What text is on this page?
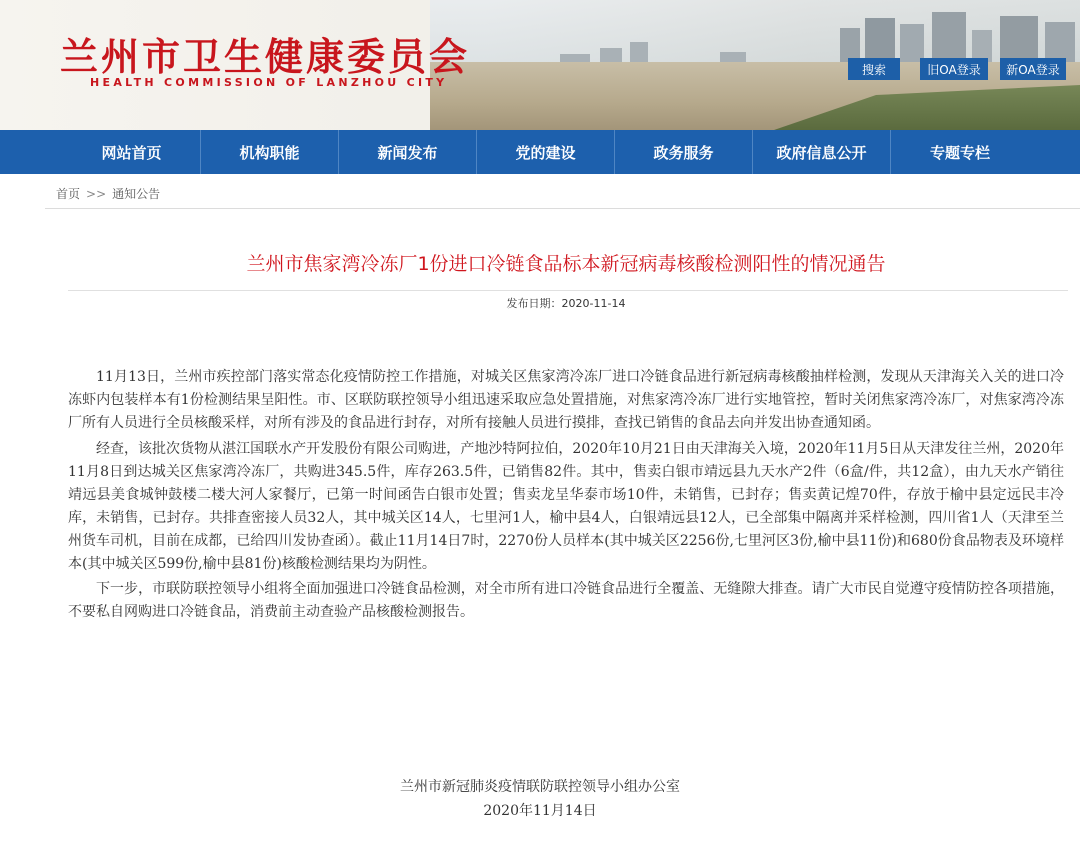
兰州市卫生健康委员会
HEALTH COMMISSION OF LANZHOU CITY
搜索	旧OA登录	新OA登录
网站首页	机构职能	新闻发布	党的建设	政务服务	政府信息公开	专题专栏
首页 >> 通知公告
兰州市焦家湾冷冻厂1份进口冷链食品标本新冠病毒核酸检测阳性的情况通告
发布日期：2020-11-14

11月13日，兰州市疾控部门落实常态化疫情防控工作措施，对城关区焦家湾冷冻厂进口冷链食品进行新冠病毒核酸抽样检测，发现从天津海关入关的进口冷冻虾内包装样本有1份检测结果呈阳性。市、区联防联控领导小组迅速采取应急处置措施，对焦家湾冷冻厂进行实地管控，暂时关闭焦家湾冷冻厂，对焦家湾冷冻厂所有人员进行全员核酸采样，对所有涉及的食品进行封存，对所有接触人员进行摸排，查找已销售的食品去向并发出协查通知函。

经查，该批次货物从湛江国联水产开发股份有限公司购进，产地沙特阿拉伯，2020年10月21日由天津海关入境，2020年11月5日从天津发往兰州，2020年11月8日到达城关区焦家湾冷冻厂，共购进345.5件，库存263.5件，已销售82件。其中，售卖白银市靖远县九天水产2件（6盒/件，共12盒），由九天水产销往靖远县美食城钟鼓楼二楼大河人家餐厅，已第一时间函告白银市处置；售卖龙呈华泰市场10件，未销售，已封存；售卖黄记煌70件，存放于榆中县定远民丰冷库，未销售，已封存。共排查密接人员32人，其中城关区14人，七里河1人，榆中县4人，白银靖远县12人，已全部集中隔离并采样检测，四川省1人（天津至兰州货车司机，目前在成都，已给四川发协查函）。截止11月14日7时，2270份人员样本(其中城关区2256份,七里河区3份,榆中县11份)和680份食品物表及环境样本(其中城关区599份,榆中县81份)核酸检测结果均为阴性。

下一步，市联防联控领导小组将全面加强进口冷链食品检测，对全市所有进口冷链食品进行全覆盖、无缝隙大排查。请广大市民自觉遵守疫情防控各项措施，不要私自网购进口冷链食品，消费前主动查验产品核酸检测报告。

兰州市新冠肺炎疫情联防联控领导小组办公室
2020年11月14日
